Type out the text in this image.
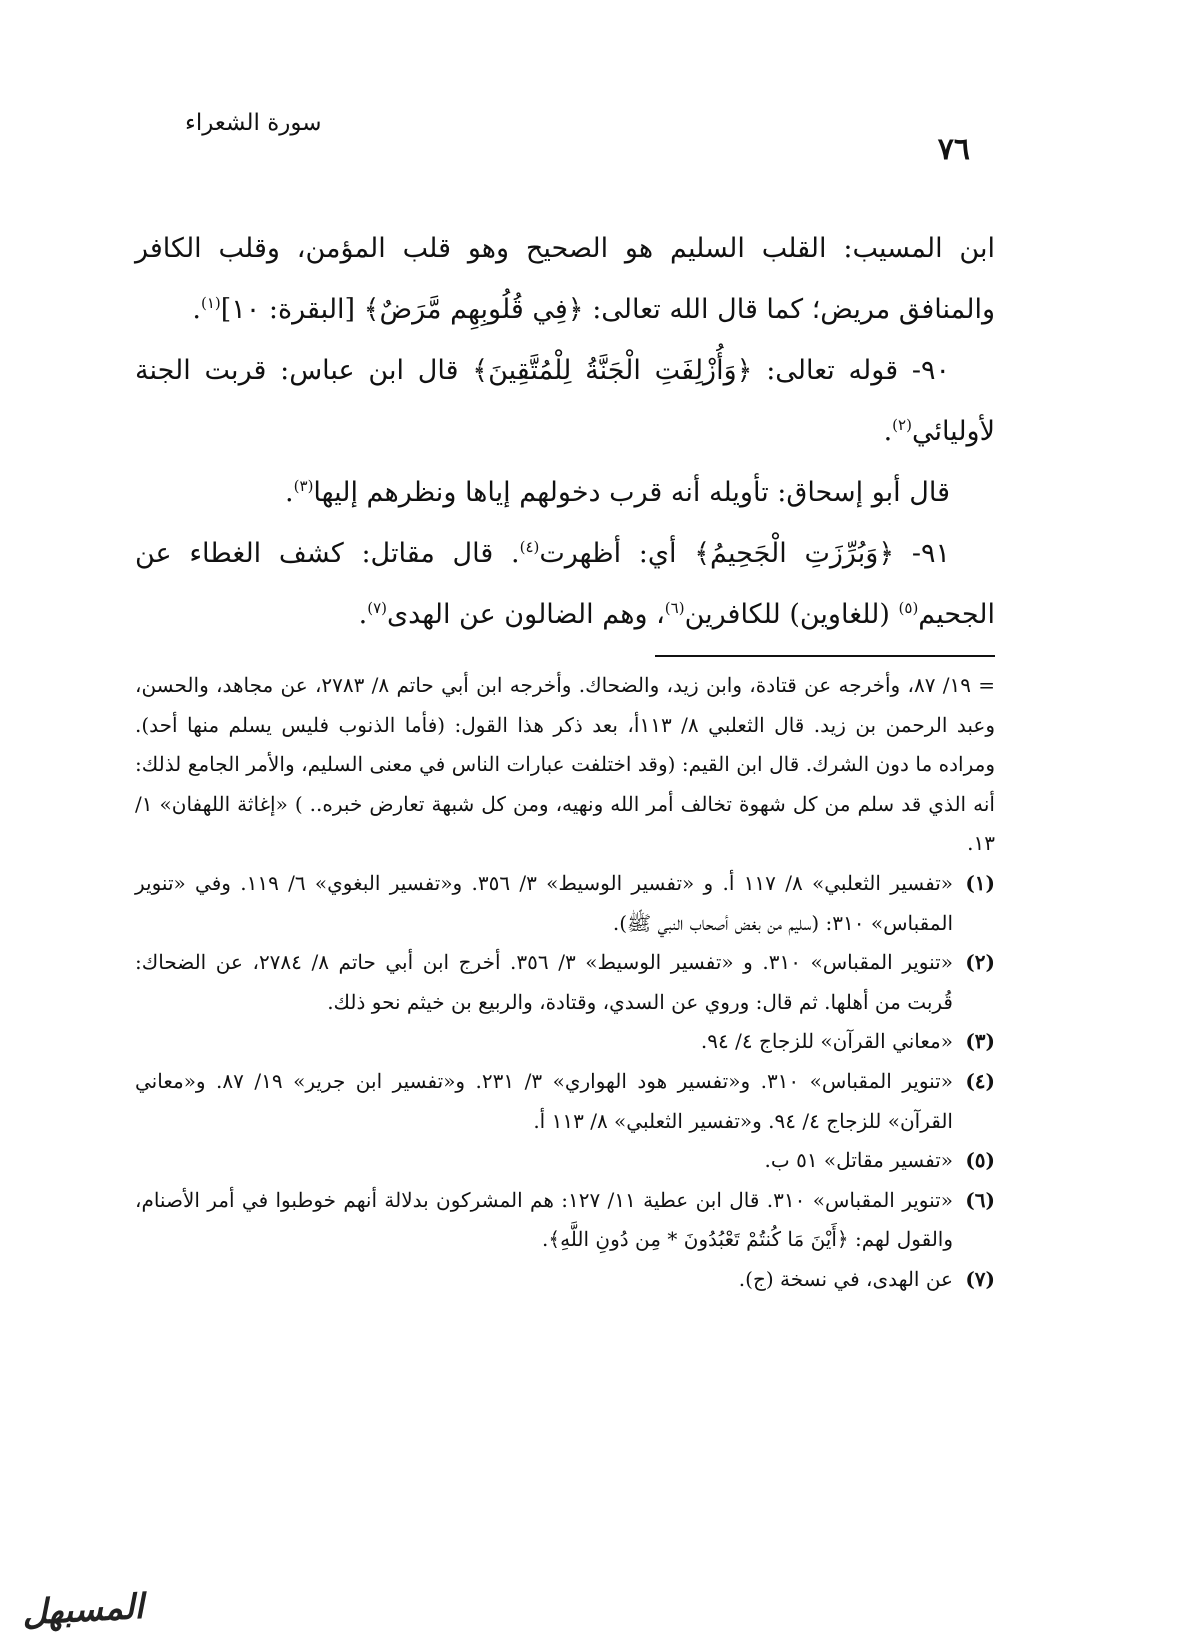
٧٦
سورة الشعراء

ابن المسيب: القلب السليم هو الصحيح وهو قلب المؤمن، وقلب الكافر والمنافق مريض؛ كما قال الله تعالى: ﴿فِي قُلُوبِهِم مَّرَضٌ﴾ [البقرة: ١٠]$^{(١)}$.

٩٠- قوله تعالى: ﴿وَأُزْلِفَتِ الْجَنَّةُ لِلْمُتَّقِينَ﴾ قال ابن عباس: قربت الجنة لأوليائي$^{(٢)}$.

قال أبو إسحاق: تأويله أنه قرب دخولهم إياها ونظرهم إليها$^{(٣)}$.

٩١- ﴿وَبُرِّزَتِ الْجَحِيمُ﴾ أي: أظهرت$^{(٤)}$. قال مقاتل: كشف الغطاء عن الجحيم$^{(٥)}$ (للغاوين) للكافرين$^{(٦)}$، وهم الضالون عن الهدى$^{(٧)}$.

= ١٩/ ٨٧، وأخرجه عن قتادة، وابن زيد، والضحاك. وأخرجه ابن أبي حاتم ٨/ ٢٧٨٣، عن مجاهد، والحسن، وعبد الرحمن بن زيد. قال الثعلبي ٨/ ١١٣أ، بعد ذكر هذا القول: (فأما الذنوب فليس يسلم منها أحد). ومراده ما دون الشرك. قال ابن القيم: (وقد اختلفت عبارات الناس في معنى السليم، والأمر الجامع لذلك: أنه الذي قد سلم من كل شهوة تخالف أمر الله ونهيه، ومن كل شبهة تعارض خبره.. ) «إغاثة اللهفان» ١/ ١٣.

(١)«تفسير الثعلبي» ٨/ ١١٧ أ. و «تفسير الوسيط» ٣/ ٣٥٦. و«تفسير البغوي» ٦/ ١١٩. وفي «تنوير المقباس» ٣١٠: (سليم من بغض أصحاب النبي ﷺ).

(٢)«تنوير المقباس» ٣١٠. و «تفسير الوسيط» ٣/ ٣٥٦. أخرج ابن أبي حاتم ٨/ ٢٧٨٤، عن الضحاك: قُربت من أهلها. ثم قال: وروي عن السدي، وقتادة، والربيع بن خيثم نحو ذلك.

(٣)«معاني القرآن» للزجاج ٤/ ٩٤.

(٤)«تنوير المقباس» ٣١٠. و«تفسير هود الهواري» ٣/ ٢٣١. و«تفسير ابن جرير» ١٩/ ٨٧. و«معاني القرآن» للزجاج ٤/ ٩٤. و«تفسير الثعلبي» ٨/ ١١٣ أ.

(٥)«تفسير مقاتل» ٥١ ب.

(٦)«تنوير المقباس» ٣١٠. قال ابن عطية ١١/ ١٢٧: هم المشركون بدلالة أنهم خوطبوا في أمر الأصنام، والقول لهم: ﴿أَيْنَ مَا كُنتُمْ تَعْبُدُونَ * مِن دُونِ اللَّهِ﴾.

(٧)عن الهدى، في نسخة (ج).

المسبهل
